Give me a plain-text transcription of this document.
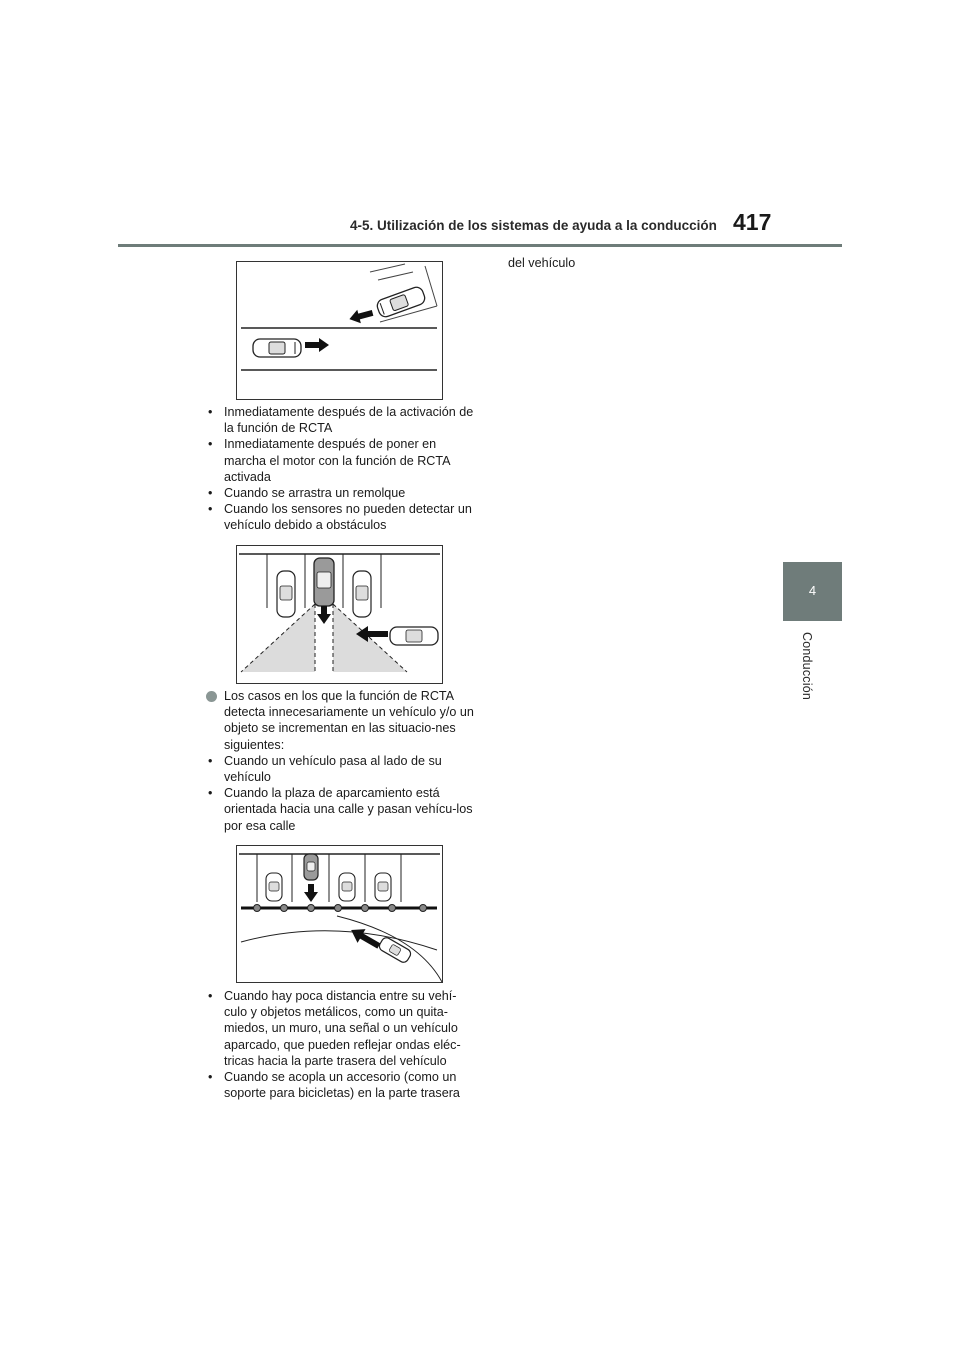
4-5. Utilización de los sistemas de ayuda a la conducción 417
4
Conducción
• Inmediatamente después de la activación de la función de RCTA
• Inmediatamente después de poner en marcha el motor con la función de RCTA activada
• Cuando se arrastra un remolque
• Cuando los sensores no pueden detectar un vehículo debido a obstáculos
Los casos en los que la función de RCTA detecta innecesariamente un vehículo y/o un objeto se incrementan en las situacio-nes siguientes:
• Cuando un vehículo pasa al lado de su vehículo
• Cuando la plaza de aparcamiento está orientada hacia una calle y pasan vehícu-los por esa calle
• Cuando hay poca distancia entre su vehí-culo y objetos metálicos, como un quita-miedos, un muro, una señal o un vehículo aparcado, que pueden reflejar ondas eléc-tricas hacia la parte trasera del vehículo
• Cuando se acopla un accesorio (como un soporte para bicicletas) en la parte trasera
del vehículo
